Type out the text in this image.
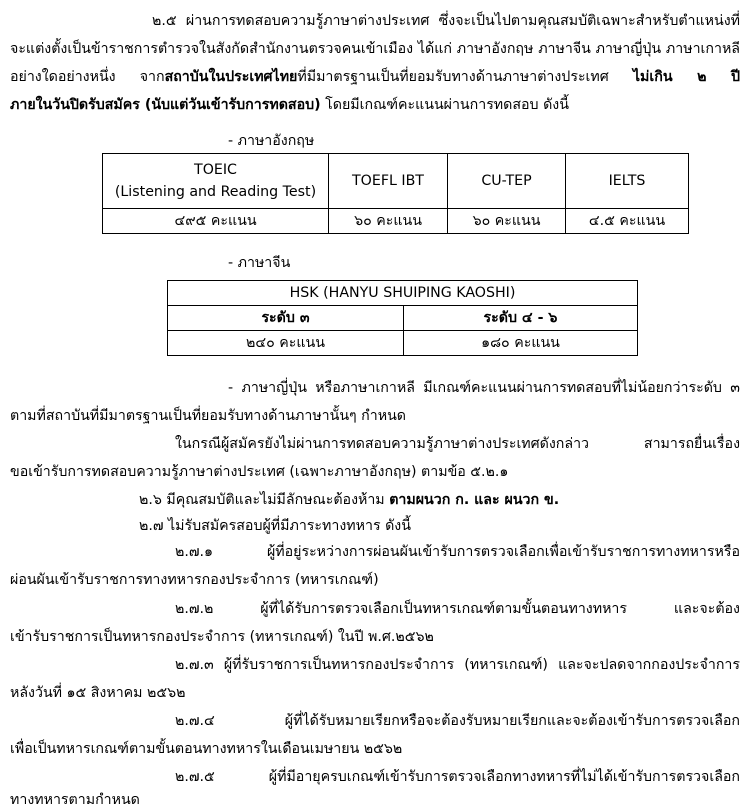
๒.๕ ผ่านการทดสอบความรู้ภาษาต่างประเทศ ซึ่งจะเป็นไปตามคุณสมบัติเฉพาะสำหรับตำแหน่งที่
จะแต่งตั้งเป็นข้าราชการตำรวจในสังกัดสำนักงานตรวจคนเข้าเมือง ได้แก่ ภาษาอังกฤษ ภาษาจีน ภาษาญี่ปุ่น ภาษาเกาหลี
อย่างใดอย่างหนึ่ง จากสถาบันในประเทศไทยที่มีมาตรฐานเป็นที่ยอมรับทางด้านภาษาต่างประเทศ ไม่เกิน ๒ ปี
ภายในวันปิดรับสมัคร (นับแต่วันเข้ารับการทดสอบ) โดยมีเกณฑ์คะแนนผ่านการทดสอบ ดังนี้
- ภาษาอังกฤษ
TOEIC
(Listening and Reading Test)	TOEFL IBT	CU-TEP	IELTS
๔๙๕ คะแนน	๖๐ คะแนน	๖๐ คะแนน	๔.๕ คะแนน
- ภาษาจีน
HSK (HANYU SHUIPING KAOSHI)	
ระดับ ๓	ระดับ ๔ - ๖
๒๔๐ คะแนน	๑๘๐ คะแนน
- ภาษาญี่ปุ่น หรือภาษาเกาหลี มีเกณฑ์คะแนนผ่านการทดสอบที่ไม่น้อยกว่าระดับ ๓
ตามที่สถาบันที่มีมาตรฐานเป็นที่ยอมรับทางด้านภาษานั้นๆ กำหนด
ในกรณีผู้สมัครยังไม่ผ่านการทดสอบความรู้ภาษาต่างประเทศดังกล่าว สามารถยื่นเรื่อง
ขอเข้ารับการทดสอบความรู้ภาษาต่างประเทศ (เฉพาะภาษาอังกฤษ) ตามข้อ ๕.๒.๑
๒.๖ มีคุณสมบัติและไม่มีลักษณะต้องห้าม ตามผนวก ก. และ ผนวก ข.
๒.๗ ไม่รับสมัครสอบผู้ที่มีภาระทางทหาร ดังนี้
๒.๗.๑ ผู้ที่อยู่ระหว่างการผ่อนผันเข้ารับการตรวจเลือกเพื่อเข้ารับราชการทางทหารหรือ
ผ่อนผันเข้ารับราชการทางทหารกองประจำการ (ทหารเกณฑ์)
๒.๗.๒ ผู้ที่ได้รับการตรวจเลือกเป็นทหารเกณฑ์ตามขั้นตอนทางทหาร และจะต้อง
เข้ารับราชการเป็นทหารกองประจำการ (ทหารเกณฑ์) ในปี พ.ศ.๒๕๖๒
๒.๗.๓ ผู้ที่รับราชการเป็นทหารกองประจำการ (ทหารเกณฑ์) และจะปลดจากกองประจำการ
หลังวันที่ ๑๕ สิงหาคม ๒๕๖๒
๒.๗.๔ ผู้ที่ได้รับหมายเรียกหรือจะต้องรับหมายเรียกและจะต้องเข้ารับการตรวจเลือก
เพื่อเป็นทหารเกณฑ์ตามขั้นตอนทางทหารในเดือนเมษายน ๒๕๖๒
๒.๗.๕ ผู้ที่มีอายุครบเกณฑ์เข้ารับการตรวจเลือกทางทหารที่ไม่ได้เข้ารับการตรวจเลือก
ทางทหารตามกำหนด
